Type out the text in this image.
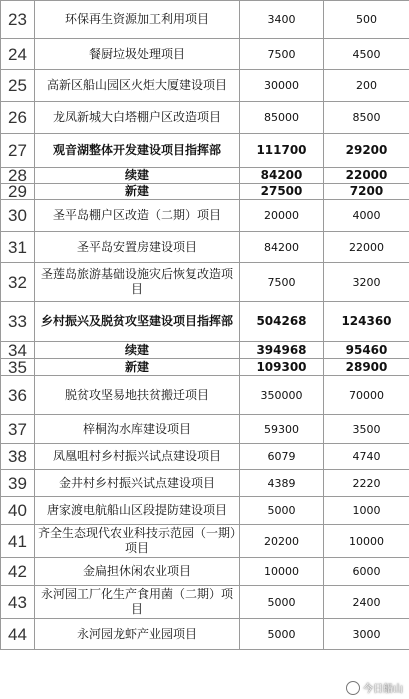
23	环保再生资源加工利用项目	3400	500
24	餐厨垃圾处理项目	7500	4500
25	高新区船山园区火炬大厦建设项目	30000	200
26	龙凤新城大白塔棚户区改造项目	85000	8500
27	观音湖整体开发建设项目指挥部	111700	29200
28	续建	84200	22000
29	新建	27500	7200
30	圣平岛棚户区改造（二期）项目	20000	4000
31	圣平岛安置房建设项目	84200	22000
32	圣莲岛旅游基础设施灾后恢复改造项目	7500	3200
33	乡村振兴及脱贫攻坚建设项目指挥部	504268	124360
34	续建	394968	95460
35	新建	109300	28900
36	脱贫攻坚易地扶贫搬迁项目	350000	70000
37	梓桐沟水库建设项目	59300	3500
38	凤凰咀村乡村振兴试点建设项目	6079	4740
39	金井村乡村振兴试点建设项目	4389	2220
40	唐家渡电航船山区段提防建设项目	5000	1000
41	齐全生态现代农业科技示范园（一期）项目	20200	10000
42	金扁担休闲农业项目	10000	6000
43	永河园工厂化生产食用菌（二期）项目	5000	2400
44	永河园龙虾产业园项目	5000	3000
今日船山
